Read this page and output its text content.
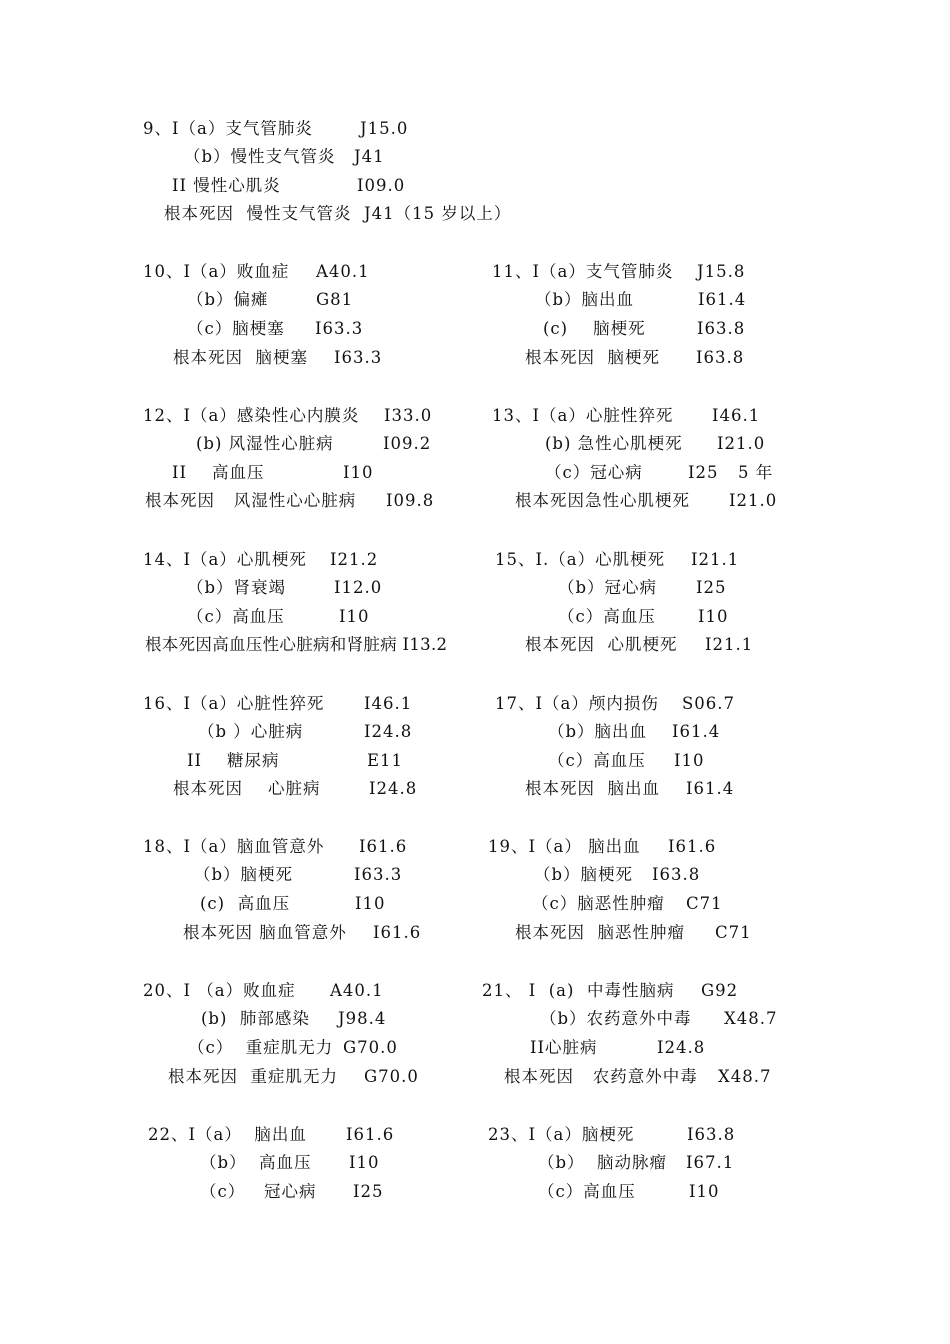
9、I（a）支气管肺炎	J15.0
（b）慢性支气管炎 J41
II 慢性心肌炎	I09.0
根本死因  慢性支气管炎  J41（15 岁以上）
10、I（a）败血症 A40.1
（b）偏瘫	G81
（c）脑梗塞 I63.3
根本死因  脑梗塞 I63.3
11、I（a）支气管肺炎 J15.8
（b）脑出血	I61.4
(c)    脑梗死	I63.8
根本死因  脑梗死 I63.8
12、I（a）感染性心内膜炎 I33.0
(b) 风湿性心脏病	I09.2
II    高血压	I10
根本死因   风湿性心心脏病 I09.8
13、I（a）心脏性猝死 I46.1
(b) 急性心肌梗死 I21.0
（c）冠心病	I25 5 年
根本死因急性心肌梗死 I21.0
14、I（a）心肌梗死 I21.2
（b）肾衰竭	I12.0
（c）高血压	I10
根本死因高血压性心脏病和肾脏病 I13.2
15、I.（a）心肌梗死 I21.1
（b）冠心病 I25
（c）高血压	I10
根本死因  心肌梗死 I21.1
16、I（a）心脏性猝死 I46.1
（b ）心脏病	I24.8
II    糖尿病	E11
根本死因    心脏病	I24.8
17、I（a）颅内损伤 S06.7
（b）脑出血 I61.4
（c）高血压 I10
根本死因  脑出血 I61.4
18、I（a）脑血管意外 I61.6
（b）脑梗死	I63.3
(c)  高血压	I10
根本死因 脑血管意外 I61.6
19、I（a） 脑出血 I61.6
（b）脑梗死 I63.8
（c）脑恶性肿瘤 C71
根本死因  脑恶性肿瘤 C71
20、I （a）败血症 A40.1
(b)  肺部感染 J98.4
（c）  重症肌无力 G70.0
根本死因  重症肌无力 G70.0
21、 I  (a)  中毒性脑病 G92
（b）农药意外中毒 X48.7
II心脏病	I24.8
根本死因   农药意外中毒 X48.7
22、I（a）  脑出血 I61.6
（b）  高血压 I10
（c）   冠心病 I25
23、I（a）脑梗死	I63.8
（b）  脑动脉瘤 I67.1
（c）高血压	I10
